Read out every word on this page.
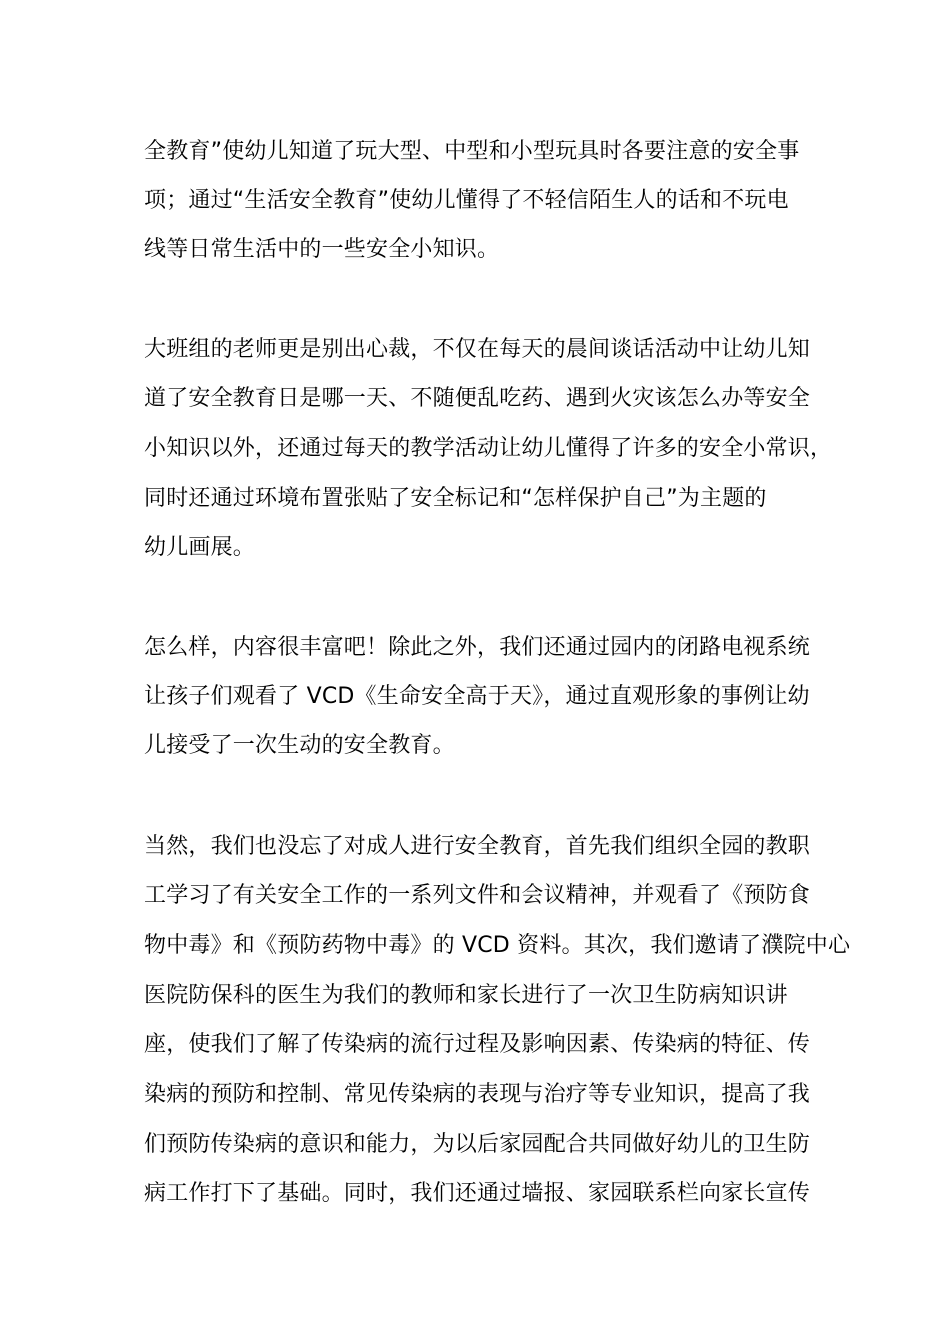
全教育”使幼儿知道了玩大型、中型和小型玩具时各要注意的安全事
项；通过“生活安全教育”使幼儿懂得了不轻信陌生人的话和不玩电
线等日常生活中的一些安全小知识。
大班组的老师更是别出心裁，不仅在每天的晨间谈话活动中让幼儿知
道了安全教育日是哪一天、不随便乱吃药、遇到火灾该怎么办等安全
小知识以外，还通过每天的教学活动让幼儿懂得了许多的安全小常识，
同时还通过环境布置张贴了安全标记和“怎样保护自己”为主题的
幼儿画展。
怎么样，内容很丰富吧！除此之外，我们还通过园内的闭路电视系统
让孩子们观看了 VCD《生命安全高于天》，通过直观形象的事例让幼
儿接受了一次生动的安全教育。
当然，我们也没忘了对成人进行安全教育，首先我们组织全园的教职
工学习了有关安全工作的一系列文件和会议精神，并观看了《预防食
物中毒》和《预防药物中毒》的 VCD 资料。其次，我们邀请了濮院中心
医院防保科的医生为我们的教师和家长进行了一次卫生防病知识讲
座，使我们了解了传染病的流行过程及影响因素、传染病的特征、传
染病的预防和控制、常见传染病的表现与治疗等专业知识，提高了我
们预防传染病的意识和能力，为以后家园配合共同做好幼儿的卫生防
病工作打下了基础。同时，我们还通过墙报、家园联系栏向家长宣传
